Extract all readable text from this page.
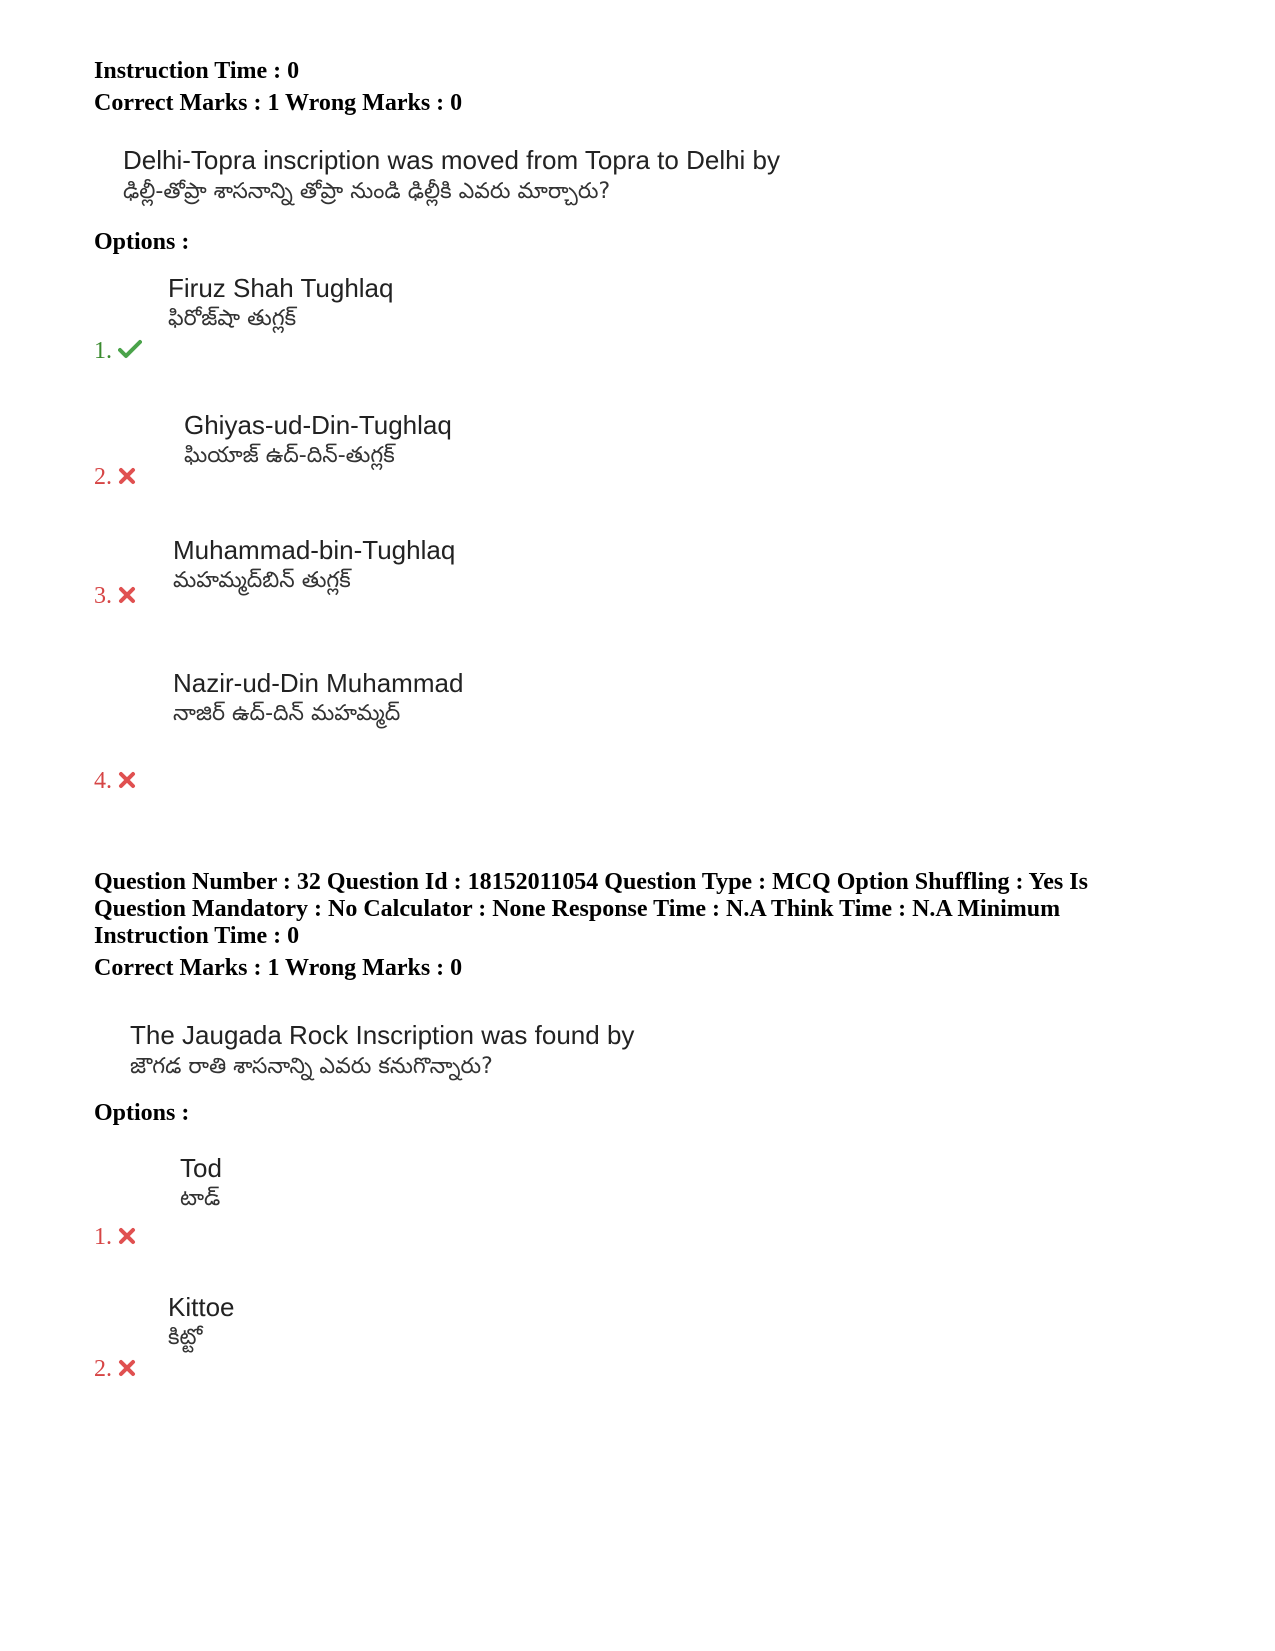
Instruction Time : 0
Correct Marks : 1 Wrong Marks : 0
Delhi-Topra inscription was moved from Topra to Delhi by
ఢిల్లీ-తోప్రా శాసనాన్ని తోప్రా నుండి ఢిల్లీకి ఎవరు మార్చారు?
Options :
Firuz Shah Tughlaq
ఫిరోజ్‌షా తుగ్లక్
1.
Ghiyas-ud-Din-Tughlaq
ఘియాజ్ ఉద్-దిన్-తుగ్లక్
2.
Muhammad-bin-Tughlaq
మహమ్మద్‌బిన్ తుగ్లక్
3.
Nazir-ud-Din Muhammad
నాజిర్ ఉద్-దిన్ మహమ్మద్
4.
Question Number : 32 Question Id : 18152011054 Question Type : MCQ Option Shuffling : Yes Is
Question Mandatory : No Calculator : None Response Time : N.A Think Time : N.A Minimum
Instruction Time : 0
Correct Marks : 1 Wrong Marks : 0
The Jaugada Rock Inscription was found by
జౌగడ రాతి శాసనాన్ని ఎవరు కనుగొన్నారు?
Options :
Tod
టాడ్
1.
Kittoe
కిట్టో
2.
